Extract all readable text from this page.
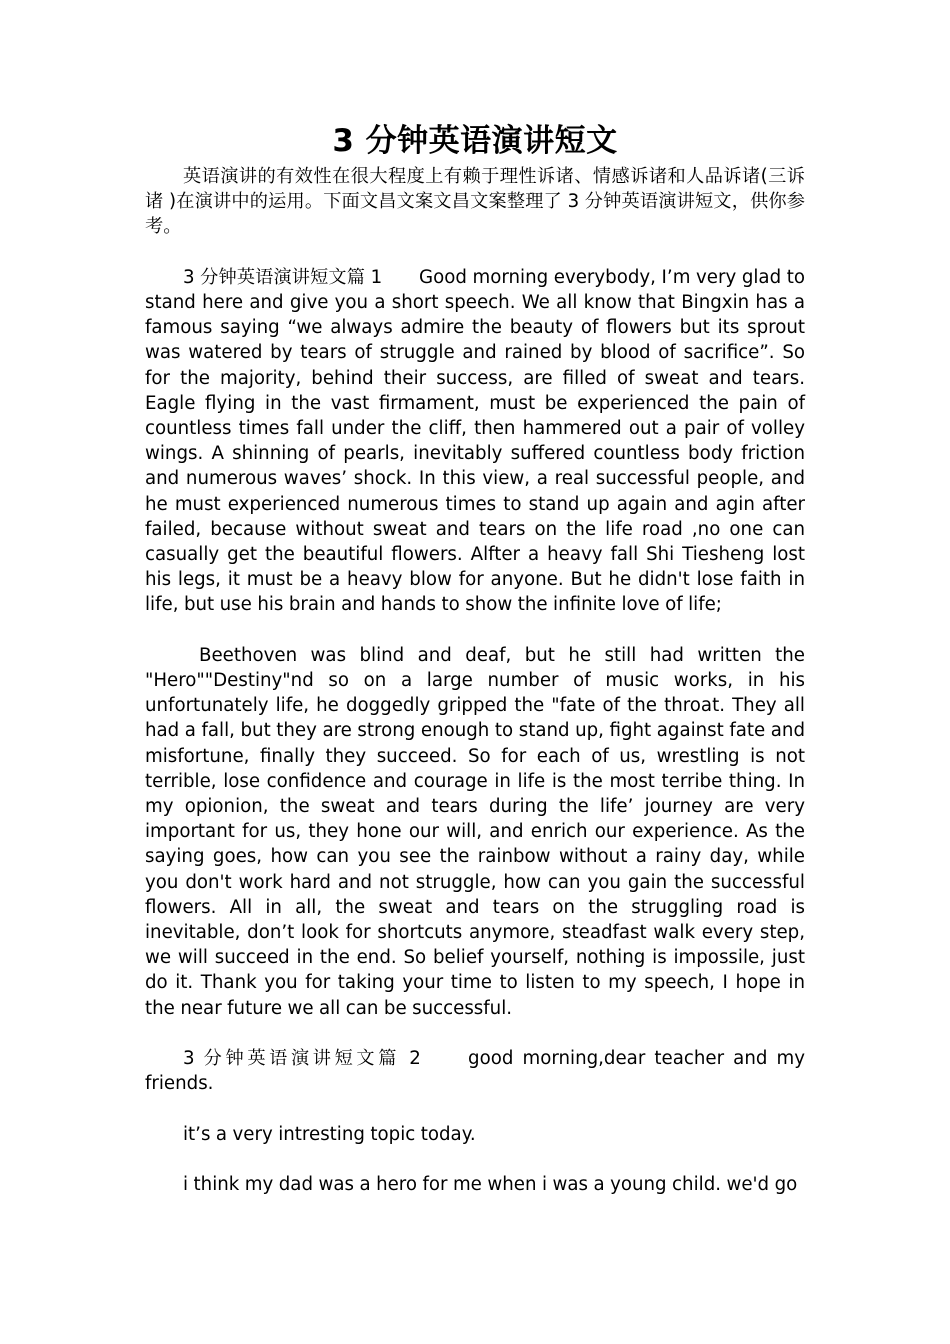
3 分钟英语演讲短文

英语演讲的有效性在很大程度上有赖于理性诉诸、情感诉诸和人品诉诸(三诉诸 )在演讲中的运用。下面文昌文案文昌文案整理了 3 分钟英语演讲短文，供你参考。

3 分钟英语演讲短文篇 1　　Good morning everybody, I’m very glad to stand here and give you a short speech. We all know that Bingxin has a famous saying “we always admire the beauty of flowers but its sprout was watered by tears of struggle and rained by blood of sacrifice”. So for the majority, behind their success, are filled of sweat and tears. Eagle flying in the vast firmament, must be experienced the pain of countless times fall under the cliff, then hammered out a pair of volley wings. A shinning of pearls, inevitably suffered countless body friction and numerous waves’ shock. In this view, a real successful people, and he must experienced numerous times to stand up again and agin after failed, because without sweat and tears on the life road ,no one can casually get the beautiful flowers. Alfter a heavy fall Shi Tiesheng lost his legs, it must be a heavy blow for anyone. But he didn't lose faith in life, but use his brain and hands to show the infinite love of life;

Beethoven was blind and deaf, but he still had written the "Hero""Destiny"nd so on a large number of music works, in his unfortunately life, he doggedly gripped the "fate of the throat. They all had a fall, but they are strong enough to stand up, fight against fate and misfortune, finally they succeed. So for each of us, wrestling is not terrible, lose confidence and courage in life is the most terribe thing. In my opionion, the sweat and tears during the life’ journey are very important for us, they hone our will, and enrich our experience. As the saying goes, how can you see the rainbow without a rainy day, while you don't work hard and not struggle, how can you gain the successful flowers. All in all, the sweat and tears on the struggling road is inevitable, don’t look for shortcuts anymore, steadfast walk every step, we will succeed in the end. So belief yourself, nothing is impossile, just do it. Thank you for taking your time to listen to my speech, I hope in the near future we all can be successful.

3 分钟英语演讲短文篇 2　　good morning,dear teacher and my friends.

it’s a very intresting topic today.

i think my dad was a hero for me when i was a young child. we'd go
